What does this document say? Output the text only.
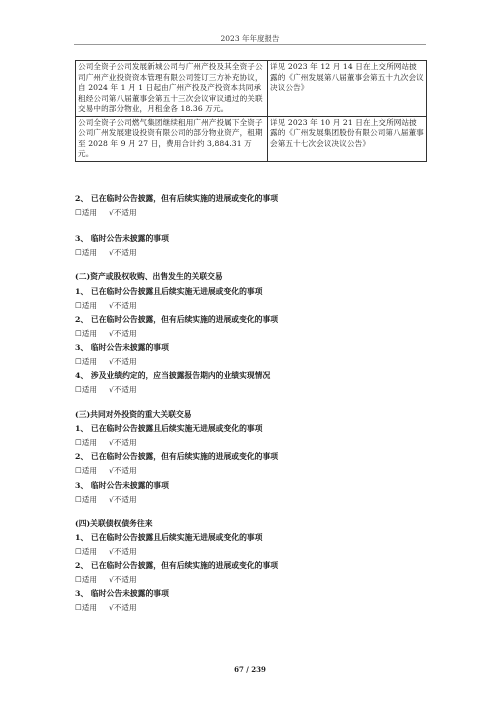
2023 年年度报告
公司全资子公司发展新城公司与广州产投及其全资子公司广州产业投资资本管理有限公司签订三方补充协议，自 2024 年 1 月 1 日起由广州产投及产投资本共同承租经公司第八届董事会第五十三次会议审议通过的关联交易中的部分物业，月租金各 18.36 万元。	详见 2023 年 12 月 14 日在上交所网站披露的《广州发展第八届董事会第五十九次会议决议公告》
公司全资子公司燃气集团继续租用广州产投属下全资子公司广州发展建设投资有限公司的部分物业资产，租期至 2028 年 9 月 27 日，费用合计约 3,884.31 万元。	详见 2023 年 10 月 21 日在上交所网站披露的《广州发展集团股份有限公司第八届董事会第五十七次会议决议公告》
2、 已在临时公告披露，但有后续实施的进展或变化的事项
☐适用 √不适用
3、 临时公告未披露的事项
☐适用 √不适用
(二)资产或股权收购、出售发生的关联交易
1、 已在临时公告披露且后续实施无进展或变化的事项
☐适用 √不适用
2、 已在临时公告披露，但有后续实施的进展或变化的事项
☐适用 √不适用
3、 临时公告未披露的事项
☐适用 √不适用
4、 涉及业绩约定的，应当披露报告期内的业绩实现情况
☐适用 √不适用
(三)共同对外投资的重大关联交易
1、 已在临时公告披露且后续实施无进展或变化的事项
☐适用 √不适用
2、 已在临时公告披露，但有后续实施的进展或变化的事项
☐适用 √不适用
3、 临时公告未披露的事项
☐适用 √不适用
(四)关联债权债务往来
1、 已在临时公告披露且后续实施无进展或变化的事项
☐适用 √不适用
2、 已在临时公告披露，但有后续实施的进展或变化的事项
☐适用 √不适用
3、 临时公告未披露的事项
☐适用 √不适用
67 / 239
